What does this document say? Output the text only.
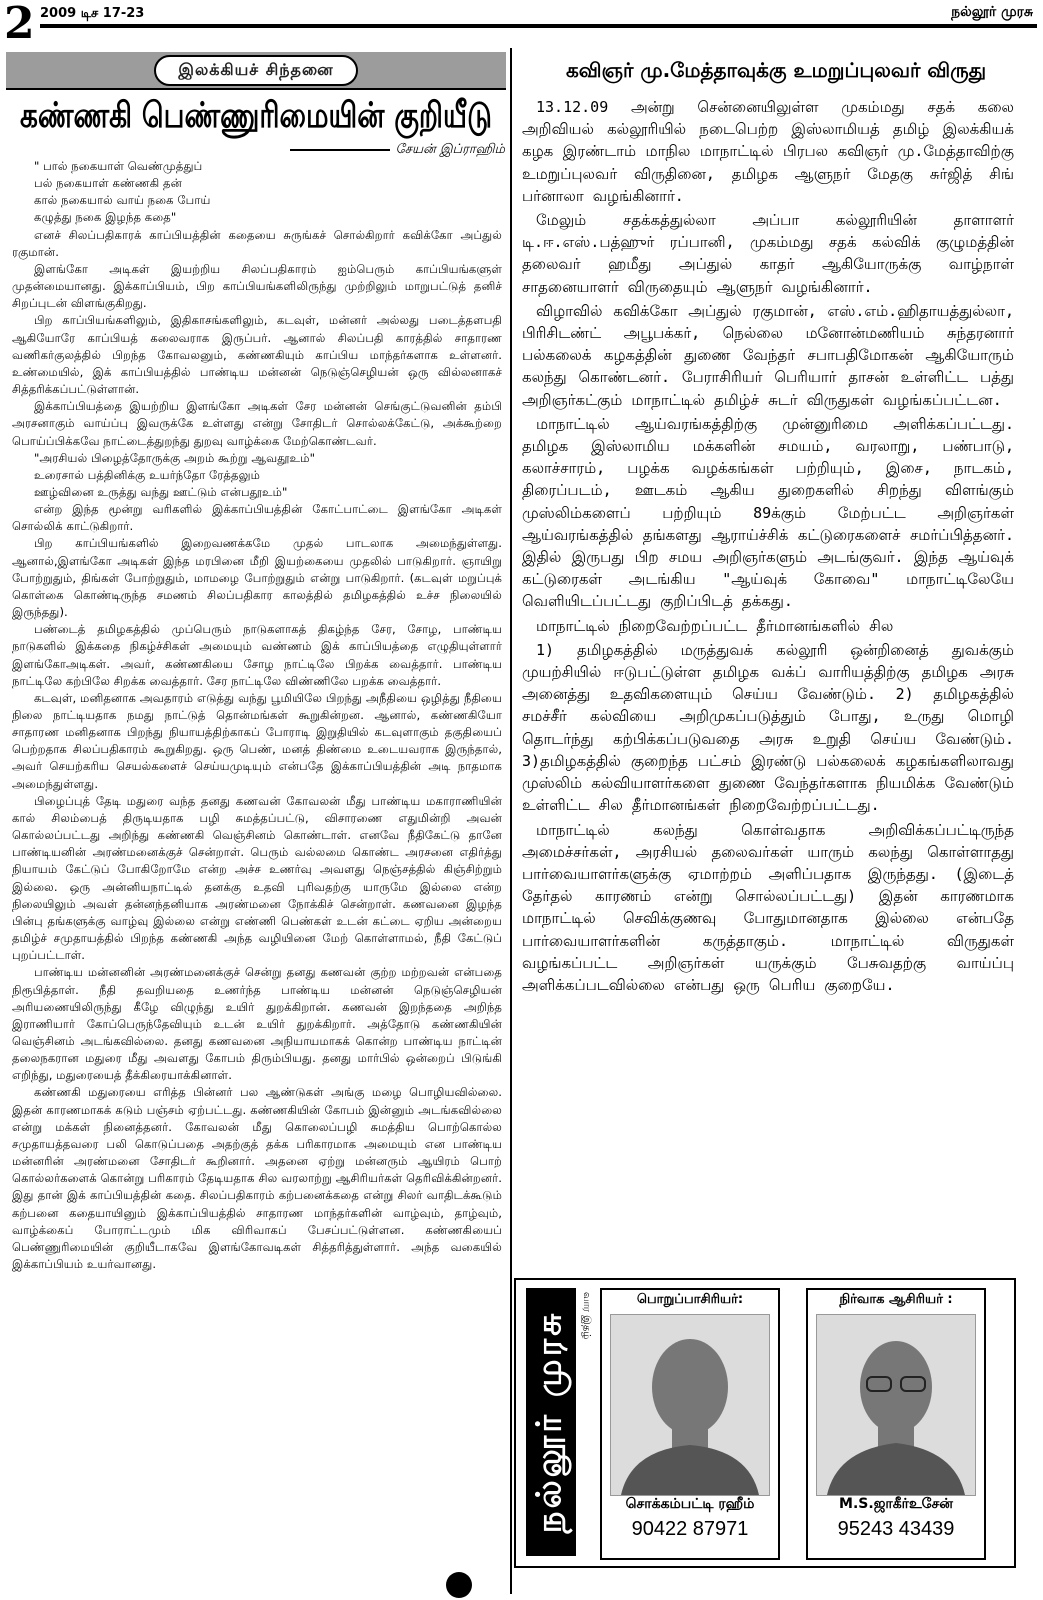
2 2009 டிச 17-23	நல்லூர் முரசு
இலக்கியச் சிந்தனை
கண்ணகி பெண்ணுரிமையின் குறியீடு
சேயன் இப்ராஹிம்

" பால் நகையாள் வெண்முத்துப்

பல் நகையாள் கண்ணகி தன்

கால் நகையால் வாய் நகை போய்

கழுத்து நகை இழந்த கதை"

எனச் சிலப்பதிகாரக் காப்பியத்தின் கதையை சுருங்கச் சொல்கிறார் கவிக்கோ அப்துல் ரகுமான்.

இளங்கோ அடிகள் இயற்றிய சிலப்பதிகாரம் ஐம்பெரும் காப்பியங்களுள் முதன்மையானது. இக்காப்பியம், பிற காப்பியங்களிலிருந்து முற்றிலும் மாறுபட்டுத் தனிச் சிறப்புடன் விளங்குகிறது.

பிற காப்பியங்களிலும், இதிகாசங்களிலும், கடவுள், மன்னர் அல்லது படைத்தளபதி ஆகியோரே காப்பியத் கலைவராக இருப்பர். ஆனால் சிலப்பதி காரத்தில் சாதாரண வணிகர்குலத்தில் பிறந்த கோவலனும், கண்ணகியும் காப்பிய மாந்தர்களாக உள்ளனர். உண்மையில், இக் காப்பியத்தில் பாண்டிய மன்னன் நெடுஞ்செழியன் ஒரு வில்லனாகச் சித்தரிக்கப்பட்டுள்ளான்.

இக்காப்பியத்தை இயற்றிய இளங்கோ அடிகள் சேர மன்னன் செங்குட்டுவனின் தம்பி அரசனாகும் வாய்ப்பு இவருக்கே உள்ளது என்று சோதிடர் சொல்லக்கேட்டு, அக்கூற்றை பொய்ப்பிக்கவே நாட்டைத்துறந்து துறவு வாழ்க்கை மேற்கொண்டவர்.

"அரசியல் பிழைத்தோருக்கு அறம் கூற்று ஆவதூஉம்"

உரைசால் பத்தினிக்கு உயர்ந்தோ ரேத்தலும்

ஊழ்வினை உருத்து வந்து ஊட்டும் என்பதூஉம்"

என்ற இந்த மூன்று வரிகளில் இக்காப்பியத்தின் கோட்பாட்டை இளங்கோ அடிகள் சொல்லிக் காட்டுகிறார்.

பிற காப்பியங்களில் இறைவணக்கமே முதல் பாடலாக அமைந்துள்ளது. ஆனால்,இளங்கோ அடிகள் இந்த மரபினை மீறி இயற்கையை முதலில் பாடுகிறார். ஞாயிறு போற்றுதும், திங்கள் போற்றுதும், மாமழை போற்றுதும் என்று பாடுகிறார். (கடவுள் மறுப்புக் கொள்கை கொண்டிருந்த சமணம் சிலப்பதிகார காலத்தில் தமிழகத்தில் உச்ச நிலையில் இருந்தது).

பண்டைத் தமிழகத்தில் முப்பெரும் நாடுகளாகத் திகழ்ந்த சேர, சோழ, பாண்டிய நாடுகளில் இக்கதை நிகழ்ச்சிகள் அமையும் வண்ணம் இக் காப்பியத்தை எழுதியுள்ளார் இளங்கோஅடிகள். அவர், கண்ணகியை சோழ நாட்டிலே பிறக்க வைத்தார். பாண்டிய நாட்டிலே கற்பிலே சிறக்க வைத்தார். சேர நாட்டிலே விண்ணிலே பறக்க வைத்தார்.

கடவுள், மனிதனாக அவதாரம் எடுத்து வந்து பூமியிலே பிறந்து அநீதியை ஒழித்து நீதியை நிலை நாட்டியதாக நமது நாட்டுத் தொன்மங்கள் கூறுகின்றன. ஆனால், கண்ணகியோ சாதாரண மனிதனாக பிறந்து நியாயத்திற்காகப் போராடி இறுதியில் கடவுளாகும் தகுதியைப் பெற்றதாக சிலப்பதிகாரம் கூறுகிறது. ஒரு பெண், மனத் திண்மை உடையவராக இருந்தால், அவர் செயற்கரிய செயல்களைச் செய்யமுடியும் என்பதே இக்காப்பியத்தின் அடி நாதமாக அமைந்துள்ளது.

பிழைப்புத் தேடி மதுரை வந்த தனது கணவன் கோவலன் மீது பாண்டிய மகாராணியின் கால் சிலம்பைத் திருடியதாக பழி சுமத்தப்பட்டு, விசாரணை எதுமின்றி அவன் கொல்லப்பட்டது அறிந்து கண்ணகி வெஞ்சினம் கொண்டாள். எனவே நீதிகேட்டு தானே பாண்டியனின் அரண்மனைக்குச் சென்றாள். பெரும் வல்லமை கொண்ட அரசனை எதிர்த்து நியாயம் கேட்டுப் போகிறோமே என்ற அச்ச உணர்வு அவளது நெஞ்சத்தில் கிஞ்சிற்றும் இல்லை. ஒரு அன்னியநாட்டில் தனக்கு உதவி புரிவதற்கு யாருமே இல்லை என்ற நிலையிலும் அவள் தன்னந்தனியாக அரண்மனை நோக்கிச் சென்றாள். கணவனை இழந்த பின்பு தங்களுக்கு வாழ்வு இல்லை என்று எண்ணி பெண்கள் உடன் கட்டை ஏறிய அன்றைய தமிழ்ச் சமுதாயத்தில் பிறந்த கண்ணகி அந்த வழியினை மேற் கொள்ளாமல், நீதி கேட்டுப் புறப்பட்டாள்.

பாண்டிய மன்னனின் அரண்மனைக்குச் சென்று தனது கணவன் குற்ற மற்றவன் என்பதை நிரூபித்தாள். நீதி தவறியதை உணர்ந்த பாண்டிய மன்னன் நெடுஞ்செழியன் அரியணையிலிருந்து கீழே விழுந்து உயிர் துறக்கிறான். கணவன் இறந்ததை அறிந்த இராணியார் கோப்பெருந்தேவியும் உடன் உயிர் துறக்கிறார். அத்தோடு கண்ணகியின் வெஞ்சினம் அடங்கவில்லை. தனது கணவனை அநியாயமாகக் கொன்ற பாண்டிய நாட்டின் தலைநகரான மதுரை மீது அவளது கோபம் திரும்பியது. தனது மார்பில் ஒன்றைப் பிடுங்கி எறிந்து, மதுரையைத் தீக்கிரையாக்கினாள்.

கண்ணகி மதுரையை எரித்த பின்னர் பல ஆண்டுகள் அங்கு மழை பொழியவில்லை. இதன் காரணமாகக் கடும் பஞ்சம் ஏற்பட்டது. கண்ணகியின் கோபம் இன்னும் அடங்கவில்லை என்று மக்கள் நினைத்தனர். கோவலன் மீது கொலைப்பழி சுமத்திய பொற்கொல்ல சமுதாயத்தவரை பலி கொடுப்பதை அதற்குத் தக்க பரிகாரமாக அமையும் என பாண்டிய மன்னரின் அரண்மனை சோதிடர் கூறினார். அதனை ஏற்று மன்னரும் ஆயிரம் பொற் கொல்லர்களைக் கொன்று பரிகாரம் தேடியதாக சில வரலாற்று ஆசிரியர்கள் தெரிவிக்கின்றனர். இது தான் இக் காப்பியத்தின் கதை. சிலப்பதிகாரம் கற்பனைக்கதை என்று சிலர் வாதிடக்கூடும் கற்பனை கதையாயினும் இக்காப்பியத்தில் சாதாரண மாந்தர்களின் வாழ்வும், தாழ்வும், வாழ்க்கைப் போராட்டமும் மிக விரிவாகப் பேசப்பட்டுள்ளன. கண்ணகியைப் பெண்ணுரிமையின் குறியீடாகவே இளங்கோவடிகள் சித்தரித்துள்ளார். அந்த வகையில் இக்காப்பியம் உயர்வானது.

கவிஞர் மு.மேத்தாவுக்கு உமறுப்புலவர் விருது

13.12.09 அன்று சென்னையிலுள்ள முகம்மது சதக் கலை அறிவியல் கல்லூரியில் நடைபெற்ற இஸ்லாமியத் தமிழ் இலக்கியக் கழக இரண்டாம் மாநில மாநாட்டில் பிரபல கவிஞர் மு.மேத்தாவிற்கு உமறுப்புலவர் விருதினை, தமிழக ஆளுநர் மேதகு சுர்ஜித் சிங் பர்னாலா வழங்கினார்.

மேலும் சதக்கத்துல்லா அப்பா கல்லூரியின் தாளாளர் டி.ஈ.எஸ்.பத்ஹுர் ரப்பானி, முகம்மது சதக் கல்விக் குழுமத்தின் தலைவர் ஹமீது அப்துல் காதர் ஆகியோருக்கு வாழ்நாள் சாதனையாளர் விருதையும் ஆளுநர் வழங்கினார்.

விழாவில் கவிக்கோ அப்துல் ரகுமான், எஸ்.எம்.ஹிதாயத்துல்லா, பிரிசிடண்ட் அபூபக்கர், நெல்லை மனோன்மணியம் சுந்தரனார் பல்கலைக் கழகத்தின் துணை வேந்தர் சபாபதிமோகன் ஆகியோரும் கலந்து கொண்டனர். பேராசிரியர் பெரியார் தாசன் உள்ளிட்ட பத்து அறிஞர்கட்கும் மாநாட்டில் தமிழ்ச் சுடர் விருதுகள் வழங்கப்பட்டன.

மாநாட்டில் ஆய்வரங்கத்திற்கு முன்னுரிமை அளிக்கப்பட்டது. தமிழக இஸ்லாமிய மக்களின் சமயம், வரலாறு, பண்பாடு, கலாச்சாரம், பழக்க வழக்கங்கள் பற்றியும், இசை, நாடகம், திரைப்படம், ஊடகம் ஆகிய துறைகளில் சிறந்து விளங்கும் முஸ்லிம்களைப் பற்றியும் 89க்கும் மேற்பட்ட அறிஞர்கள் ஆய்வரங்கத்தில் தங்களது ஆராய்ச்சிக் கட்டுரைகளைச் சமர்ப்பித்தனர். இதில் இருபது பிற சமய அறிஞர்களும் அடங்குவர். இந்த ஆய்வுக் கட்டுரைகள் அடங்கிய "ஆய்வுக் கோவை" மாநாட்டிலேயே வெளியிடப்பட்டது குறிப்பிடத் தக்கது.

மாநாட்டில் நிறைவேற்றப்பட்ட தீர்மானங்களில் சில

1) தமிழகத்தில் மருத்துவக் கல்லூரி ஒன்றினைத் துவக்கும் முயற்சியில் ஈடுபட்டுள்ள தமிழக வக்ப் வாரியத்திற்கு தமிழக அரசு அனைத்து உதவிகளையும் செய்ய வேண்டும். 2) தமிழகத்தில் சமச்சீர் கல்வியை அறிமுகப்படுத்தும் போது, உருது மொழி தொடர்ந்து கற்பிக்கப்படுவதை அரசு உறுதி செய்ய வேண்டும். 3)தமிழகத்தில் குறைந்த பட்சம் இரண்டு பல்கலைக் கழகங்களிலாவது முஸ்லிம் கல்வியாளர்களை துணை வேந்தர்களாக நியமிக்க வேண்டும் உள்ளிட்ட சில தீர்மானங்கள் நிறைவேற்றப்பட்டது.

மாநாட்டில் கலந்து கொள்வதாக அறிவிக்கப்பட்டிருந்த அமைச்சர்கள், அரசியல் தலைவர்கள் யாரும் கலந்து கொள்ளாதது பார்வையாளர்களுக்கு ஏமாற்றம் அளிப்பதாக இருந்தது. (இடைத் தேர்தல் காரணம் என்று சொல்லப்பட்டது) இதன் காரணமாக மாநாட்டில் செவிக்குணவு போதுமானதாக இல்லை என்பதே பார்வையாளர்களின் கருத்தாகும். மாநாட்டில் விருதுகள் வழங்கப்பட்ட அறிஞர்கள் யருக்கும் பேசுவதற்கு வாய்ப்பு அளிக்கப்படவில்லை என்பது ஒரு பெரிய குறையே.

நல்லூர் முரசு	வார இதழ்	பொறுப்பாசிரியர்:
சொக்கம்பட்டி ரஹீம்
90422 87971
நிர்வாக ஆசிரியர் :
M.S.ஜாகீர்உசேன்
95243 43439
